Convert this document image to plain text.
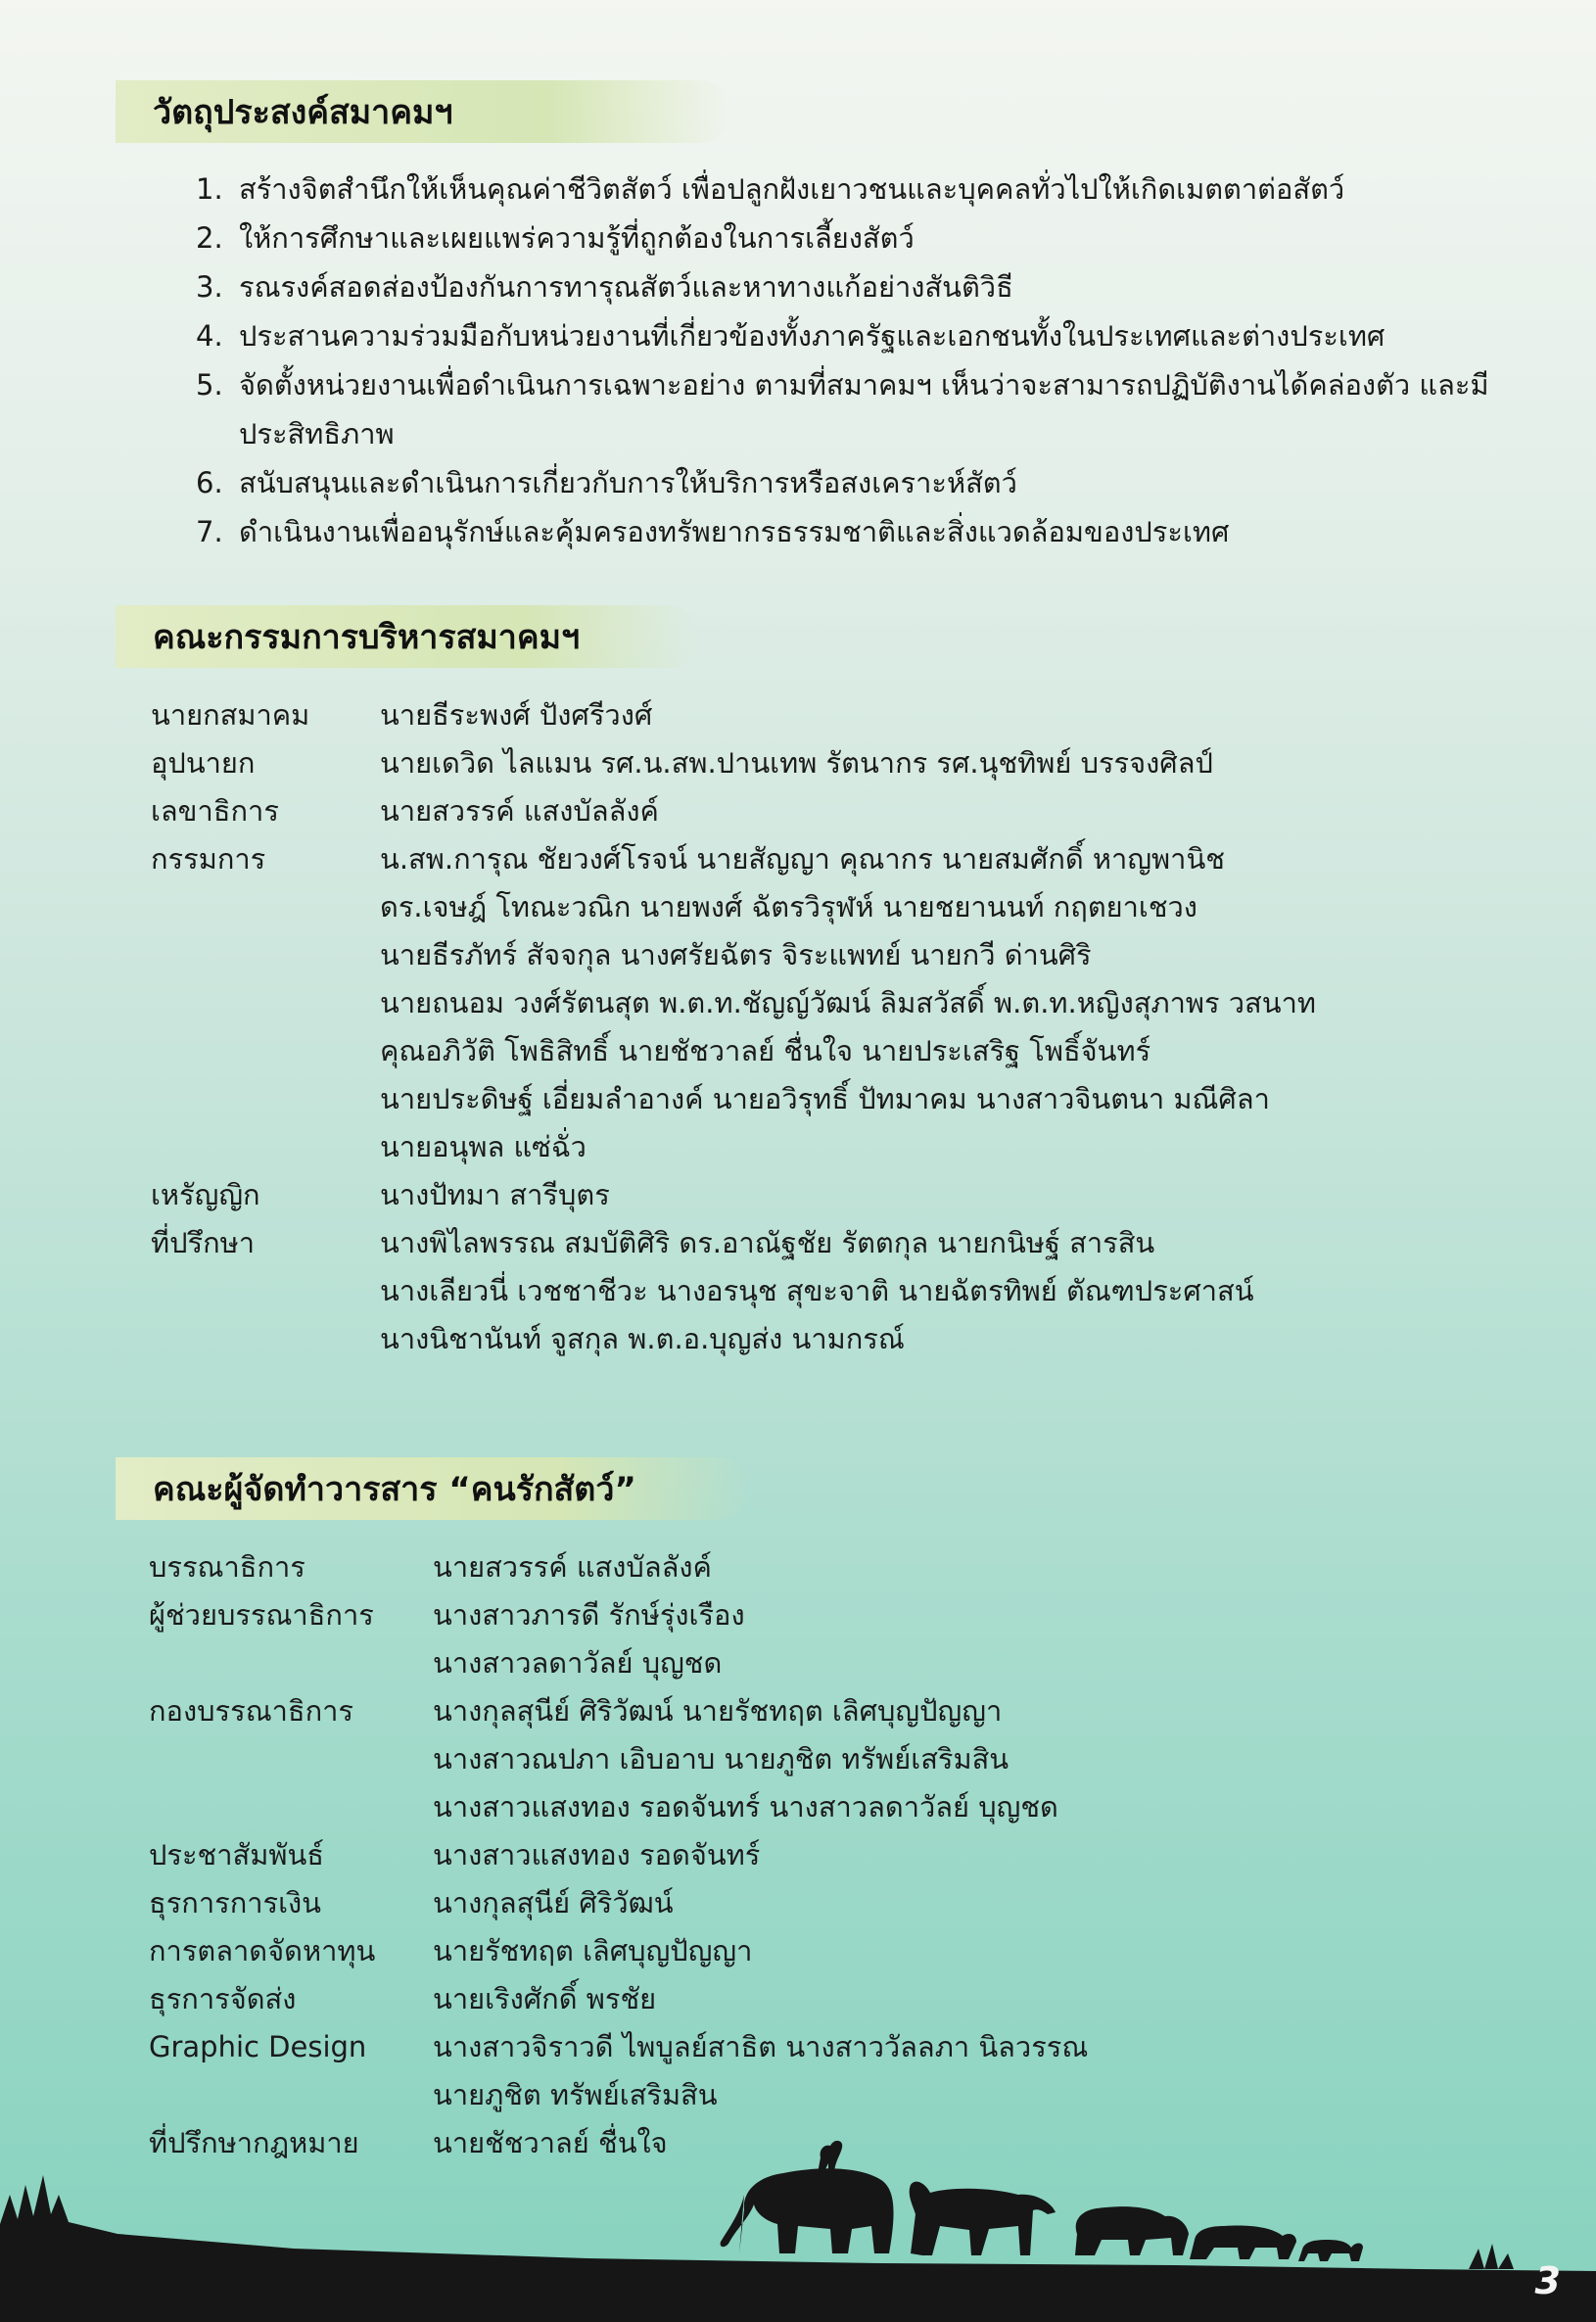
วัตถุประสงค์สมาคมฯ
1. สร้างจิตสำนึกให้เห็นคุณค่าชีวิตสัตว์ เพื่อปลูกฝังเยาวชนและบุคคลทั่วไปให้เกิดเมตตาต่อสัตว์
2. ให้การศึกษาและเผยแพร่ความรู้ที่ถูกต้องในการเลี้ยงสัตว์
3. รณรงค์สอดส่องป้องกันการทารุณสัตว์และหาทางแก้อย่างสันติวิธี
4. ประสานความร่วมมือกับหน่วยงานที่เกี่ยวข้องทั้งภาครัฐและเอกชนทั้งในประเทศและต่างประเทศ
5. จัดตั้งหน่วยงานเพื่อดำเนินการเฉพาะอย่าง ตามที่สมาคมฯ เห็นว่าจะสามารถปฏิบัติงานได้คล่องตัว และมีประสิทธิภาพ
6. สนับสนุนและดำเนินการเกี่ยวกับการให้บริการหรือสงเคราะห์สัตว์
7. ดำเนินงานเพื่ออนุรักษ์และคุ้มครองทรัพยากรธรรมชาติและสิ่งแวดล้อมของประเทศ
คณะกรรมการบริหารสมาคมฯ
นายกสมาคม	นายธีระพงศ์ ปังศรีวงศ์
อุปนายก	นายเดวิด ไลแมน รศ.น.สพ.ปานเทพ รัตนากร รศ.นุชทิพย์ บรรจงศิลป์
เลขาธิการ	นายสวรรค์ แสงบัลลังค์
กรรมการ	น.สพ.การุณ ชัยวงศ์โรจน์ นายสัญญา คุณากร นายสมศักดิ์ หาญพานิช
ดร.เจษฎ์ โทณะวณิก นายพงศ์ ฉัตรวิรุฬห์ นายชยานนท์ กฤตยาเชวง
นายธีรภัทร์ สัจจกุล นางศรัยฉัตร จิระแพทย์ นายกวี ด่านศิริ
นายถนอม วงศ์รัตนสุต พ.ต.ท.ชัญญ์วัฒน์ ลิมสวัสดิ์ พ.ต.ท.หญิงสุภาพร วสนาท
คุณอภิวัติ โพธิสิทธิ์ นายชัชวาลย์ ชื่นใจ นายประเสริฐ โพธิ์จันทร์
นายประดิษฐ์ เอี่ยมลำอางค์ นายอวิรุทธิ์ ปัทมาคม นางสาวจินตนา มณีศิลา
นายอนุพล แซ่ฉั่ว
เหรัญญิก	นางปัทมา สารีบุตร
ที่ปรึกษา	นางพิไลพรรณ สมบัติศิริ ดร.อาณัฐชัย รัตตกุล นายกนิษฐ์ สารสิน
นางเลียวนี่ เวชชาชีวะ นางอรนุช สุขะจาติ นายฉัตรทิพย์ ตัณฑประศาสน์
นางนิชานันท์ จูสกุล พ.ต.อ.บุญส่ง นามกรณ์
คณะผู้จัดทำวารสาร “คนรักสัตว์”
บรรณาธิการ	นายสวรรค์ แสงบัลลังค์
ผู้ช่วยบรรณาธิการ	นางสาวภารดี รักษ์รุ่งเรือง
นางสาวลดาวัลย์ บุญชด
กองบรรณาธิการ	นางกุลสุนีย์ ศิริวัฒน์ นายรัชทฤต เลิศบุญปัญญา
นางสาวณปภา เอิบอาบ นายภูชิต ทรัพย์เสริมสิน
นางสาวแสงทอง รอดจันทร์ นางสาวลดาวัลย์ บุญชด
ประชาสัมพันธ์	นางสาวแสงทอง รอดจันทร์
ธุรการการเงิน	นางกุลสุนีย์ ศิริวัฒน์
การตลาดจัดหาทุน	นายรัชทฤต เลิศบุญปัญญา
ธุรการจัดส่ง	นายเริงศักดิ์ พรชัย
Graphic Design	นางสาวจิราวดี ไพบูลย์สาธิต นางสาววัลลภา นิลวรรณ
นายภูชิต ทรัพย์เสริมสิน
ที่ปรึกษากฎหมาย	นายชัชวาลย์ ชื่นใจ
3
